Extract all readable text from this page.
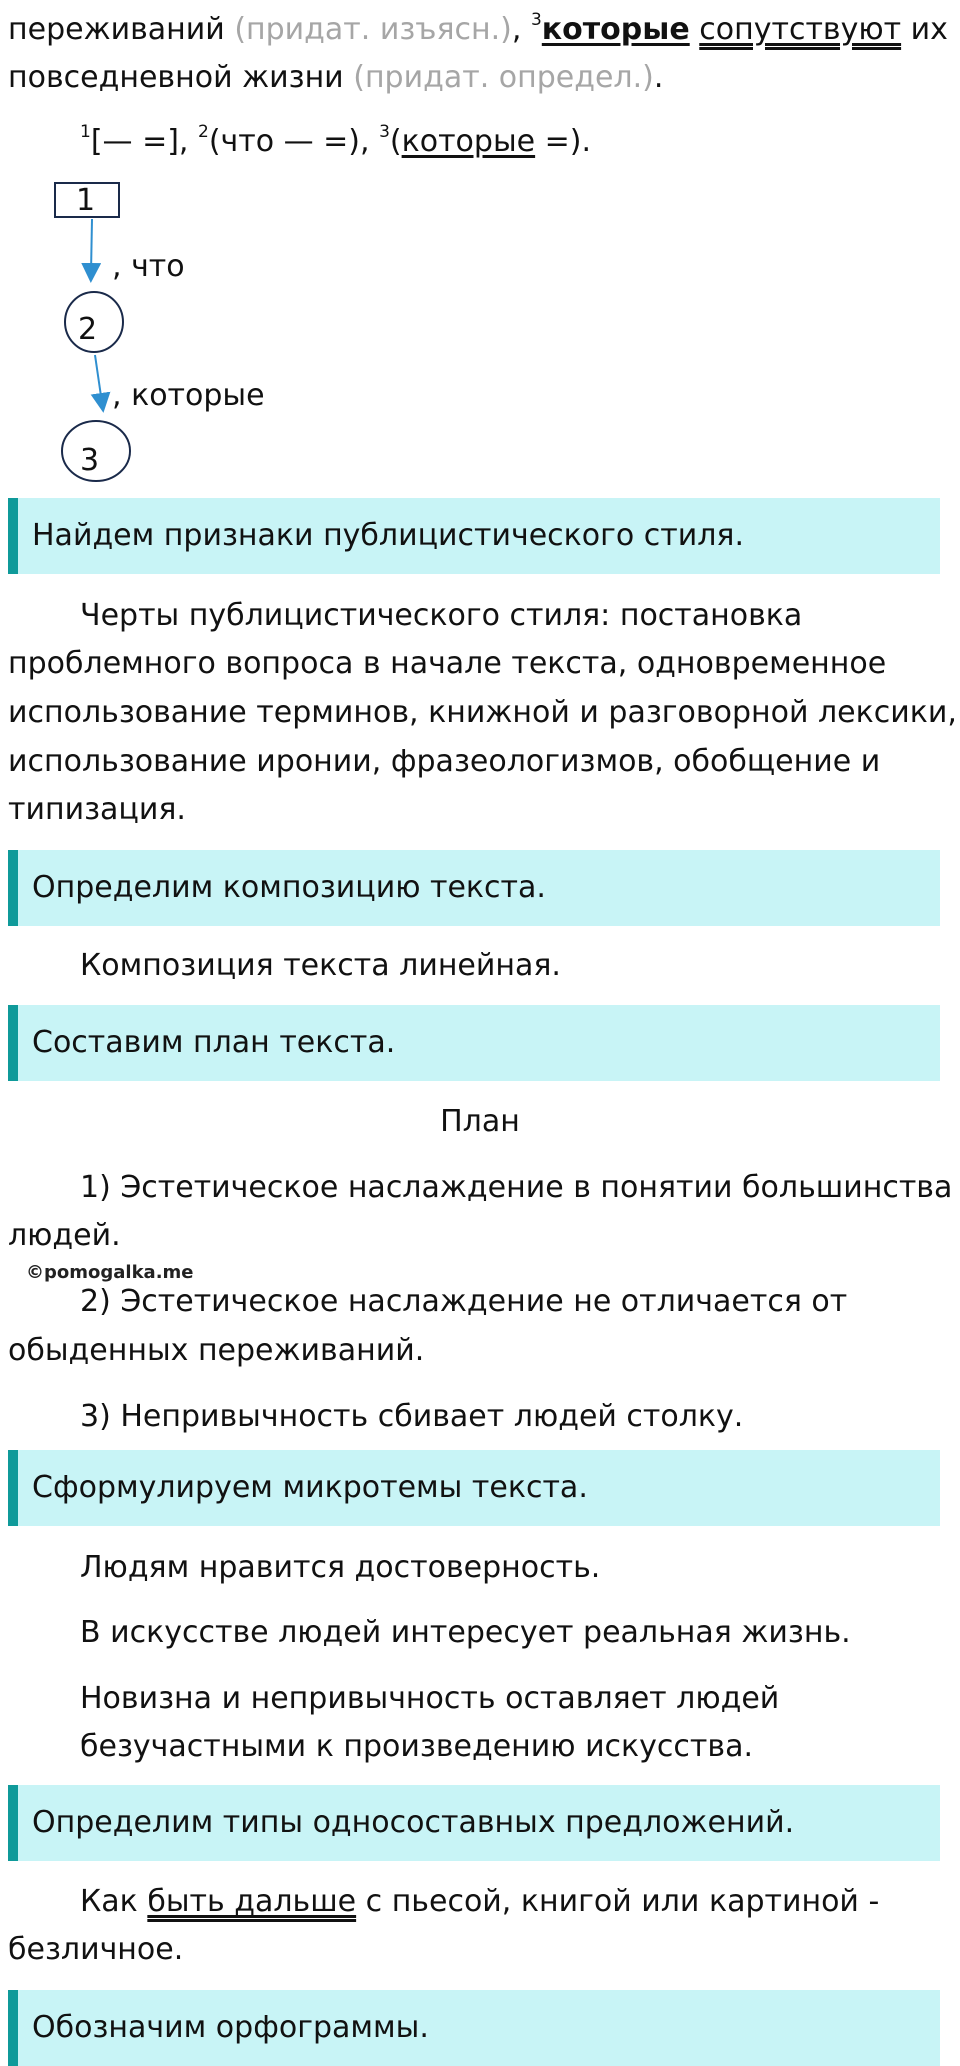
переживаний (придат. изъясн.), $^3$которые сопутствуют их
повседневной жизни (придат. определ.).
$^1$[— =], $^2$(что — =), $^3$(которые =).
1
, что
2
, которые
3
Найдем признаки публицистического стиля.
Черты публицистического стиля: постановка
проблемного вопроса в начале текста, одновременное
использование терминов, книжной и разговорной лексики,
использование иронии, фразеологизмов, обобщение и
типизация.
Определим композицию текста.
Композиция текста линейная.
Составим план текста.
План
1) Эстетическое наслаждение в понятии большинства
людей.
©pomogalka.me
2) Эстетическое наслаждение не отличается от
обыденных переживаний.
3) Непривычность сбивает людей столку.
Сформулируем микротемы текста.
Людям нравится достоверность.
В искусстве людей интересует реальная жизнь.
Новизна и непривычность оставляет людей
безучастными к произведению искусства.
Определим типы односоставных предложений.
Как быть дальше с пьесой, книгой или картиной -
безличное.
Обозначим орфограммы.
